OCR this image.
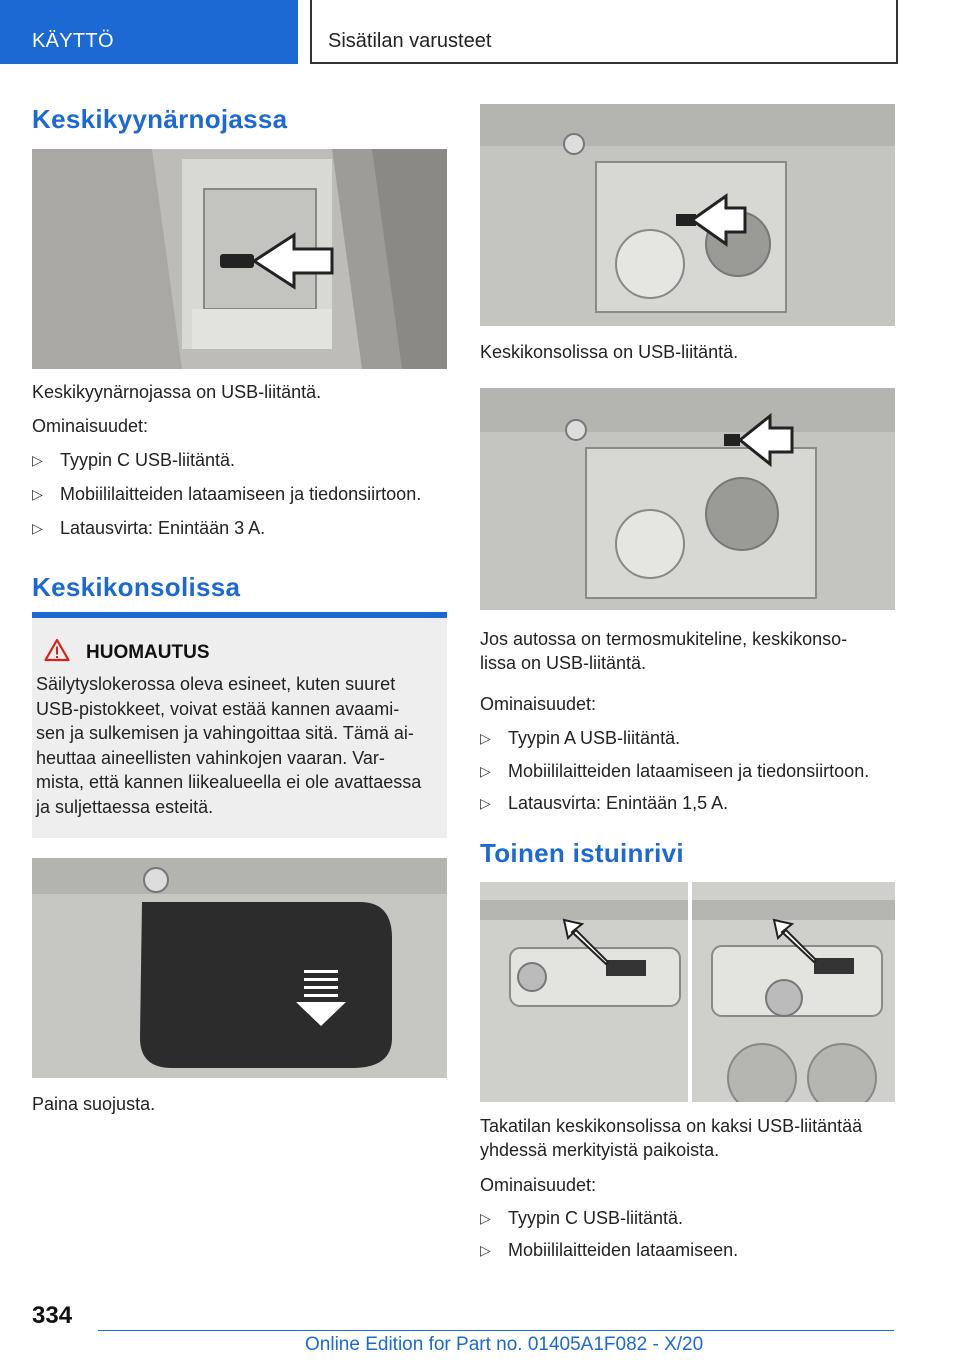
KÄYTTÖ	Sisätilan varusteet
Keskikyynärnojassa
Keskikyynärnojassa on USB-liitäntä.
Ominaisuudet:
▷ Tyypin C USB-liitäntä.
▷ Mobiililaitteiden lataamiseen ja tiedonsiirtoon.
▷ Latausvirta: Enintään 3 A.
Keskikonsolissa
HUOMAUTUS
Säilytyslokerossa oleva esineet, kuten suuret
USB-pistokkeet, voivat estää kannen avaami-
sen ja sulkemisen ja vahingoittaa sitä. Tämä ai-
heuttaa aineellisten vahinkojen vaaran. Var-
mista, että kannen liikealueella ei ole avattaessa
ja suljettaessa esteitä.
Paina suojusta.
Keskikonsolissa on USB-liitäntä.
Jos autossa on termosmukiteline, keskikonso-
lissa on USB-liitäntä.
Ominaisuudet:
▷ Tyypin A USB-liitäntä.
▷ Mobiililaitteiden lataamiseen ja tiedonsiirtoon.
▷ Latausvirta: Enintään 1,5 A.
Toinen istuinrivi
Takatilan keskikonsolissa on kaksi USB-liitäntää
yhdessä merkityistä paikoista.
Ominaisuudet:
▷ Tyypin C USB-liitäntä.
▷ Mobiililaitteiden lataamiseen.
334
Online Edition for Part no. 01405A1F082 - X/20
